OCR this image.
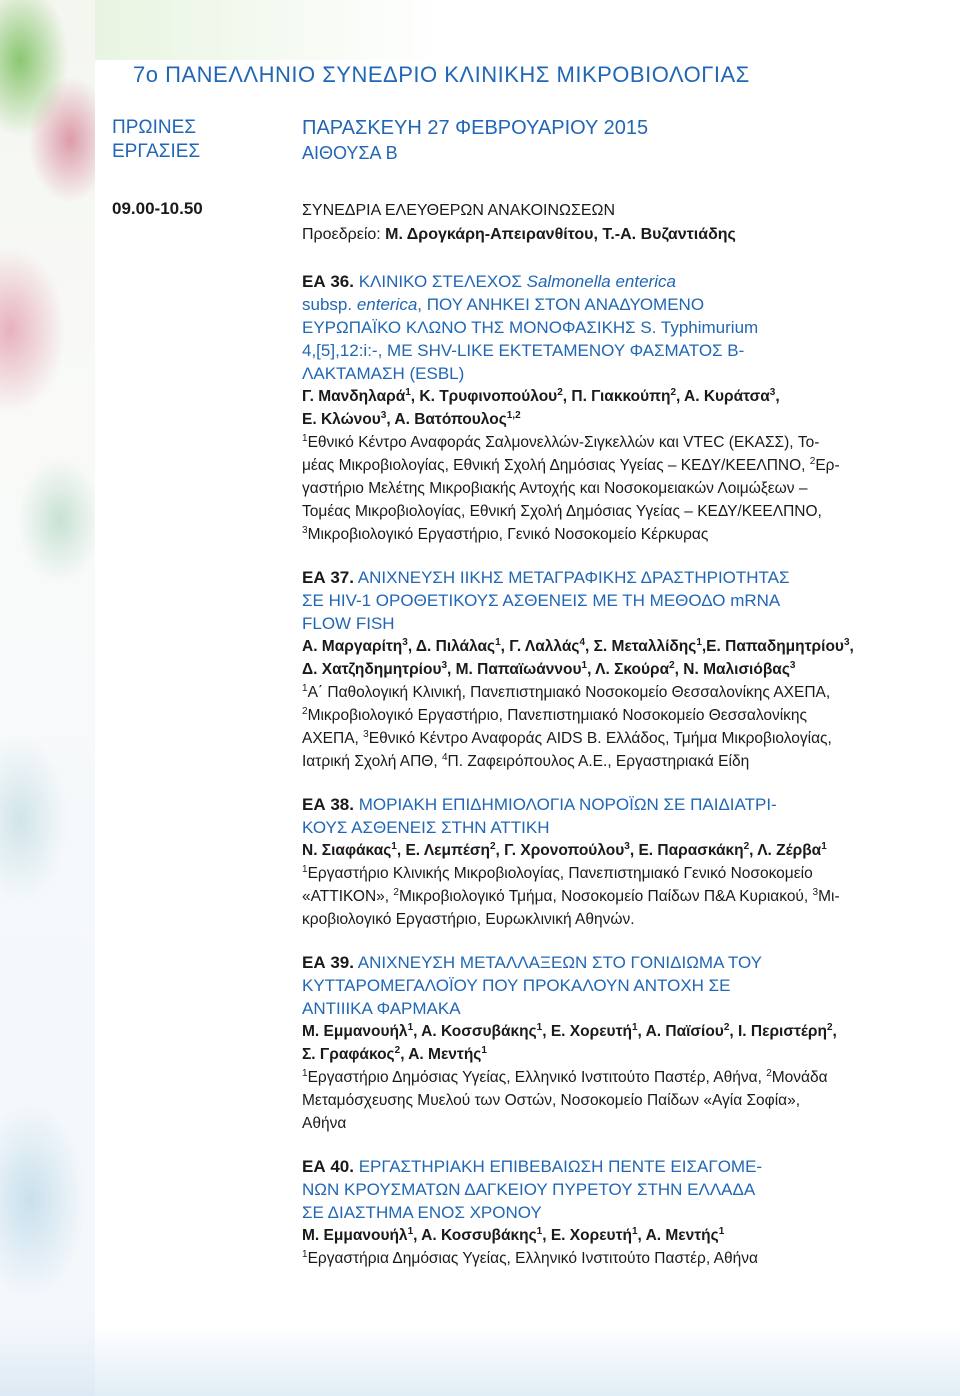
7ο ΠΑΝΕΛΛΗΝΙΟ ΣΥΝΕΔΡΙΟ ΚΛΙΝΙΚΗΣ ΜΙΚΡΟΒΙΟΛΟΓΙΑΣ
ΠΡΩΙΝΕΣ
ΕΡΓΑΣΙΕΣ
ΠΑΡΑΣΚΕΥΗ 27 ΦΕΒΡΟΥΑΡΙΟΥ 2015
ΑΙΘΟΥΣΑ Β
09.00-10.50	ΣΥΝΕΔΡΙΑ ΕΛΕΥΘΕΡΩΝ ΑΝΑΚΟΙΝΩΣΕΩΝ
Προεδρείο: Μ. Δρογκάρη-Απειρανθίτου, Τ.-Α. Βυζαντιάδης
ΕΑ 36. ΚΛΙΝΙΚΟ ΣΤΕΛΕΧΟΣ Salmonella enterica
subsp. enterica, ΠΟΥ ΑΝΗΚΕΙ ΣΤΟΝ ΑΝΑΔΥΟΜΕΝΟ
ΕΥΡΩΠΑΪΚΟ ΚΛΩΝΟ ΤΗΣ ΜΟΝΟΦΑΣΙΚΗΣ S. Typhimurium
4,[5],12:i:-, ΜΕ SHV-LIKE ΕΚΤΕΤΑΜΕΝΟΥ ΦΑΣΜΑΤΟΣ Β-
ΛΑΚΤΑΜΑΣΗ (ESBL)
Γ. Μανδηλαρά$^1$, Κ. Τρυφινοπούλου$^2$, Π. Γιακκούπη$^2$, Α. Κυράτσα$^3$,
Ε. Κλώνου$^3$, Α. Βατόπουλος$^{1,2}$
$^1$Εθνικό Κέντρο Αναφοράς Σαλμονελλών-Σιγκελλών και VTEC (ΕΚΑΣΣ), Το-
μέας Μικροβιολογίας, Εθνική Σχολή Δημόσιας Υγείας – ΚΕΔΥ/ΚΕΕΛΠΝΟ, $^2$Ερ-
γαστήριο Μελέτης Μικροβιακής Αντοχής και Νοσοκομειακών Λοιμώξεων –
Τομέας Μικροβιολογίας, Εθνική Σχολή Δημόσιας Υγείας – ΚΕΔΥ/ΚΕΕΛΠΝΟ,
$^3$Μικροβιολογικό Εργαστήριο, Γενικό Νοσοκομείο Κέρκυρας
ΕΑ 37. ΑΝΙΧΝΕΥΣΗ ΙΙΚΗΣ ΜΕΤΑΓΡΑΦΙΚΗΣ ΔΡΑΣΤΗΡΙΟΤΗΤΑΣ
ΣΕ HIV-1 ΟΡΟΘΕΤΙΚΟΥΣ ΑΣΘΕΝΕΙΣ ΜΕ ΤΗ ΜΕΘΟΔΟ mRNA
FLOW FISH
Α. Μαργαρίτη$^3$, Δ. Πιλάλας$^1$, Γ. Λαλλάς$^4$, Σ. Μεταλλίδης$^1$,Ε. Παπαδημητρίου$^3$,
Δ. Χατζηδημητρίου$^3$, Μ. Παπαϊωάννου$^1$, Λ. Σκούρα$^2$, Ν. Μαλισιόβας$^3$
$^1$Α΄ Παθολογική Κλινική, Πανεπιστημιακό Νοσοκομείο Θεσσαλονίκης ΑΧΕΠΑ,
$^2$Μικροβιολογικό Εργαστήριο, Πανεπιστημιακό Νοσοκομείο Θεσσαλονίκης
ΑΧΕΠΑ, $^3$Εθνικό Κέντρο Αναφοράς AIDS Β. Ελλάδος, Τμήμα Μικροβιολογίας,
Ιατρική Σχολή ΑΠΘ, $^4$Π. Ζαφειρόπουλος Α.Ε., Εργαστηριακά Είδη
ΕΑ 38. ΜΟΡΙΑΚΗ ΕΠΙΔΗΜΙΟΛΟΓΙΑ ΝΟΡΟΪΩΝ ΣΕ ΠΑΙΔΙΑΤΡΙ-
ΚΟΥΣ ΑΣΘΕΝΕΙΣ ΣΤΗΝ ΑΤΤΙΚΗ
Ν. Σιαφάκας$^1$, Ε. Λεμπέση$^2$, Γ. Χρονοπούλου$^3$, Ε. Παρασκάκη$^2$, Λ. Ζέρβα$^1$
$^1$Εργαστήριο Κλινικής Μικροβιολογίας, Πανεπιστημιακό Γενικό Νοσοκομείο
«ΑΤΤΙΚΟΝ», $^2$Μικροβιολογικό Τμήμα, Νοσοκομείο Παίδων Π&Α Κυριακού, $^3$Μι-
κροβιολογικό Εργαστήριο, Ευρωκλινική Αθηνών.
ΕΑ 39. ΑΝΙΧΝΕΥΣΗ ΜΕΤΑΛΛΑΞΕΩΝ ΣΤΟ ΓΟΝΙΔΙΩΜΑ ΤΟΥ
ΚΥΤΤΑΡΟΜΕΓΑΛΟΪΟΥ ΠΟΥ ΠΡΟΚΑΛΟΥΝ ΑΝΤΟΧΗ ΣΕ
ΑΝΤΙΙΙΚΑ ΦΑΡΜΑΚΑ
Μ. Εμμανουήλ$^1$, Α. Κοσσυβάκης$^1$, Ε. Χορευτή$^1$, Α. Παϊσίου$^2$, Ι. Περιστέρη$^2$,
Σ. Γραφάκος$^2$, Α. Μεντής$^1$
$^1$Εργαστήριο Δημόσιας Υγείας, Ελληνικό Ινστιτούτο Παστέρ, Αθήνα, $^2$Μονάδα
Μεταμόσχευσης Μυελού των Οστών, Νοσοκομείο Παίδων «Αγία Σοφία»,
Αθήνα
ΕΑ 40. ΕΡΓΑΣΤΗΡΙΑΚΗ ΕΠΙΒΕΒΑΙΩΣΗ ΠΕΝΤΕ ΕΙΣΑΓΟΜΕ-
ΝΩΝ ΚΡΟΥΣΜΑΤΩΝ ΔΑΓΚΕΙΟΥ ΠΥΡΕΤΟΥ ΣΤΗΝ ΕΛΛΑΔΑ
ΣΕ ΔΙΑΣΤΗΜΑ ΕΝΟΣ ΧΡΟΝΟΥ
Μ. Εμμανουήλ$^1$, Α. Κοσσυβάκης$^1$, Ε. Χορευτή$^1$, Α. Μεντής$^1$
$^1$Εργαστήρια Δημόσιας Υγείας, Ελληνικό Ινστιτούτο Παστέρ, Αθήνα
